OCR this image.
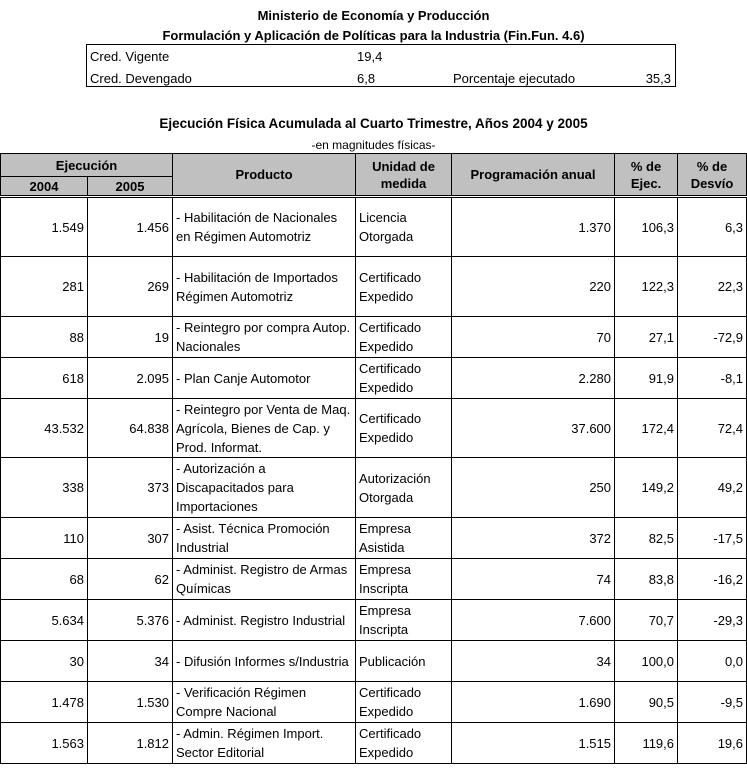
Ministerio de Economía y Producción
Formulación y Aplicación de Políticas para la Industria (Fin.Fun. 4.6)
Cred. Vigente	19,4
Cred. Devengado	6,8	Porcentaje ejecutado	35,3
Ejecución Física Acumulada al Cuarto Trimestre, Años 2004 y 2005
-en magnitudes físicas-
Ejecución		Producto	Unidad de medida	Programación anual	% de Ejec.	% de Desvío
2004	2005					
1.549	1.456	- Habilitación de Nacionales en Régimen Automotriz	Licencia Otorgada	1.370	106,3	6,3
281	269	- Habilitación de Importados Régimen Automotriz	Certificado Expedido	220	122,3	22,3
88	19	- Reintegro por compra Autop. Nacionales	Certificado Expedido	70	27,1	-72,9
618	2.095	- Plan Canje Automotor	Certificado Expedido	2.280	91,9	-8,1
43.532	64.838	- Reintegro por Venta de Maq. Agrícola, Bienes de Cap. y Prod. Informat.	Certificado Expedido	37.600	172,4	72,4
338	373	- Autorización a Discapacitados para Importaciones	Autorización Otorgada	250	149,2	49,2
110	307	- Asist. Técnica Promoción Industrial	Empresa Asistida	372	82,5	-17,5
68	62	- Administ. Registro de Armas Químicas	Empresa Inscripta	74	83,8	-16,2
5.634	5.376	- Administ. Registro Industrial	Empresa Inscripta	7.600	70,7	-29,3
30	34	- Difusión Informes s/Industria	Publicación	34	100,0	0,0
1.478	1.530	- Verificación Régimen Compre Nacional	Certificado Expedido	1.690	90,5	-9,5
1.563	1.812	- Admin. Régimen Import. Sector Editorial	Certificado Expedido	1.515	119,6	19,6
